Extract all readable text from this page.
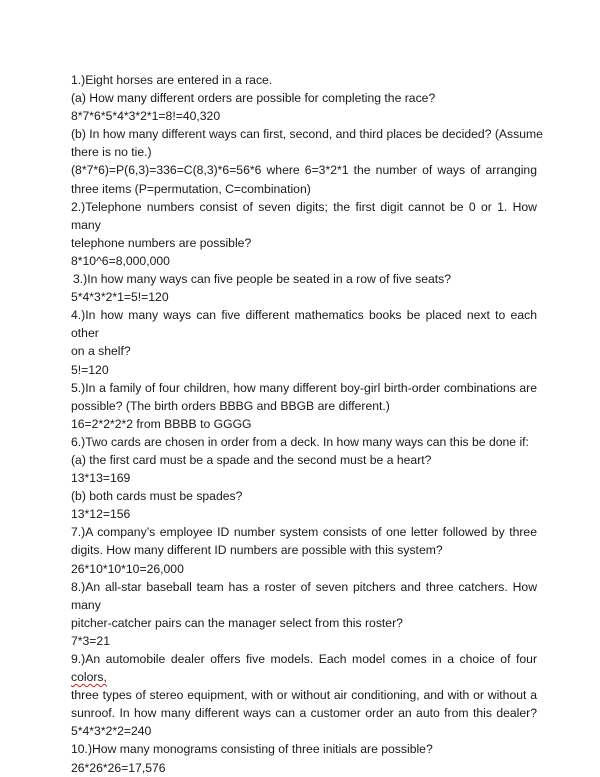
1.)Eight horses are entered in a race.
(a) How many different orders are possible for completing the race?
8*7*6*5*4*3*2*1=8!=40,320
(b) In how many different ways can first, second, and third places be decided? (Assume
there is no tie.)
(8*7*6)=P(6,3)=336=C(8,3)*6=56*6 where 6=3*2*1 the number of ways of arranging
three items (P=permutation, C=combination)
2.)Telephone numbers consist of seven digits; the first digit cannot be 0 or 1. How many
telephone numbers are possible?
8*10^6=8,000,000
3.)In how many ways can five people be seated in a row of five seats?
5*4*3*2*1=5!=120
4.)In how many ways can five different mathematics books be placed next to each other
on a shelf?
5!=120
5.)In a family of four children, how many different boy-girl birth-order combinations are
possible? (The birth orders BBBG and BBGB are different.)
16=2*2*2*2 from BBBB to GGGG
6.)Two cards are chosen in order from a deck. In how many ways can this be done if:
(a) the first card must be a spade and the second must be a heart?
13*13=169
(b) both cards must be spades?
13*12=156
7.)A company’s employee ID number system consists of one letter followed by three
digits. How many different ID numbers are possible with this system?
26*10*10*10=26,000
8.)An all-star baseball team has a roster of seven pitchers and three catchers. How many
pitcher-catcher pairs can the manager select from this roster?
7*3=21
9.)An automobile dealer offers five models. Each model comes in a choice of four colors,
three types of stereo equipment, with or without air conditioning, and with or without a
sunroof. In how many different ways can a customer order an auto from this dealer?
5*4*3*2*2=240
10.)How many monograms consisting of three initials are possible?
26*26*26=17,576
